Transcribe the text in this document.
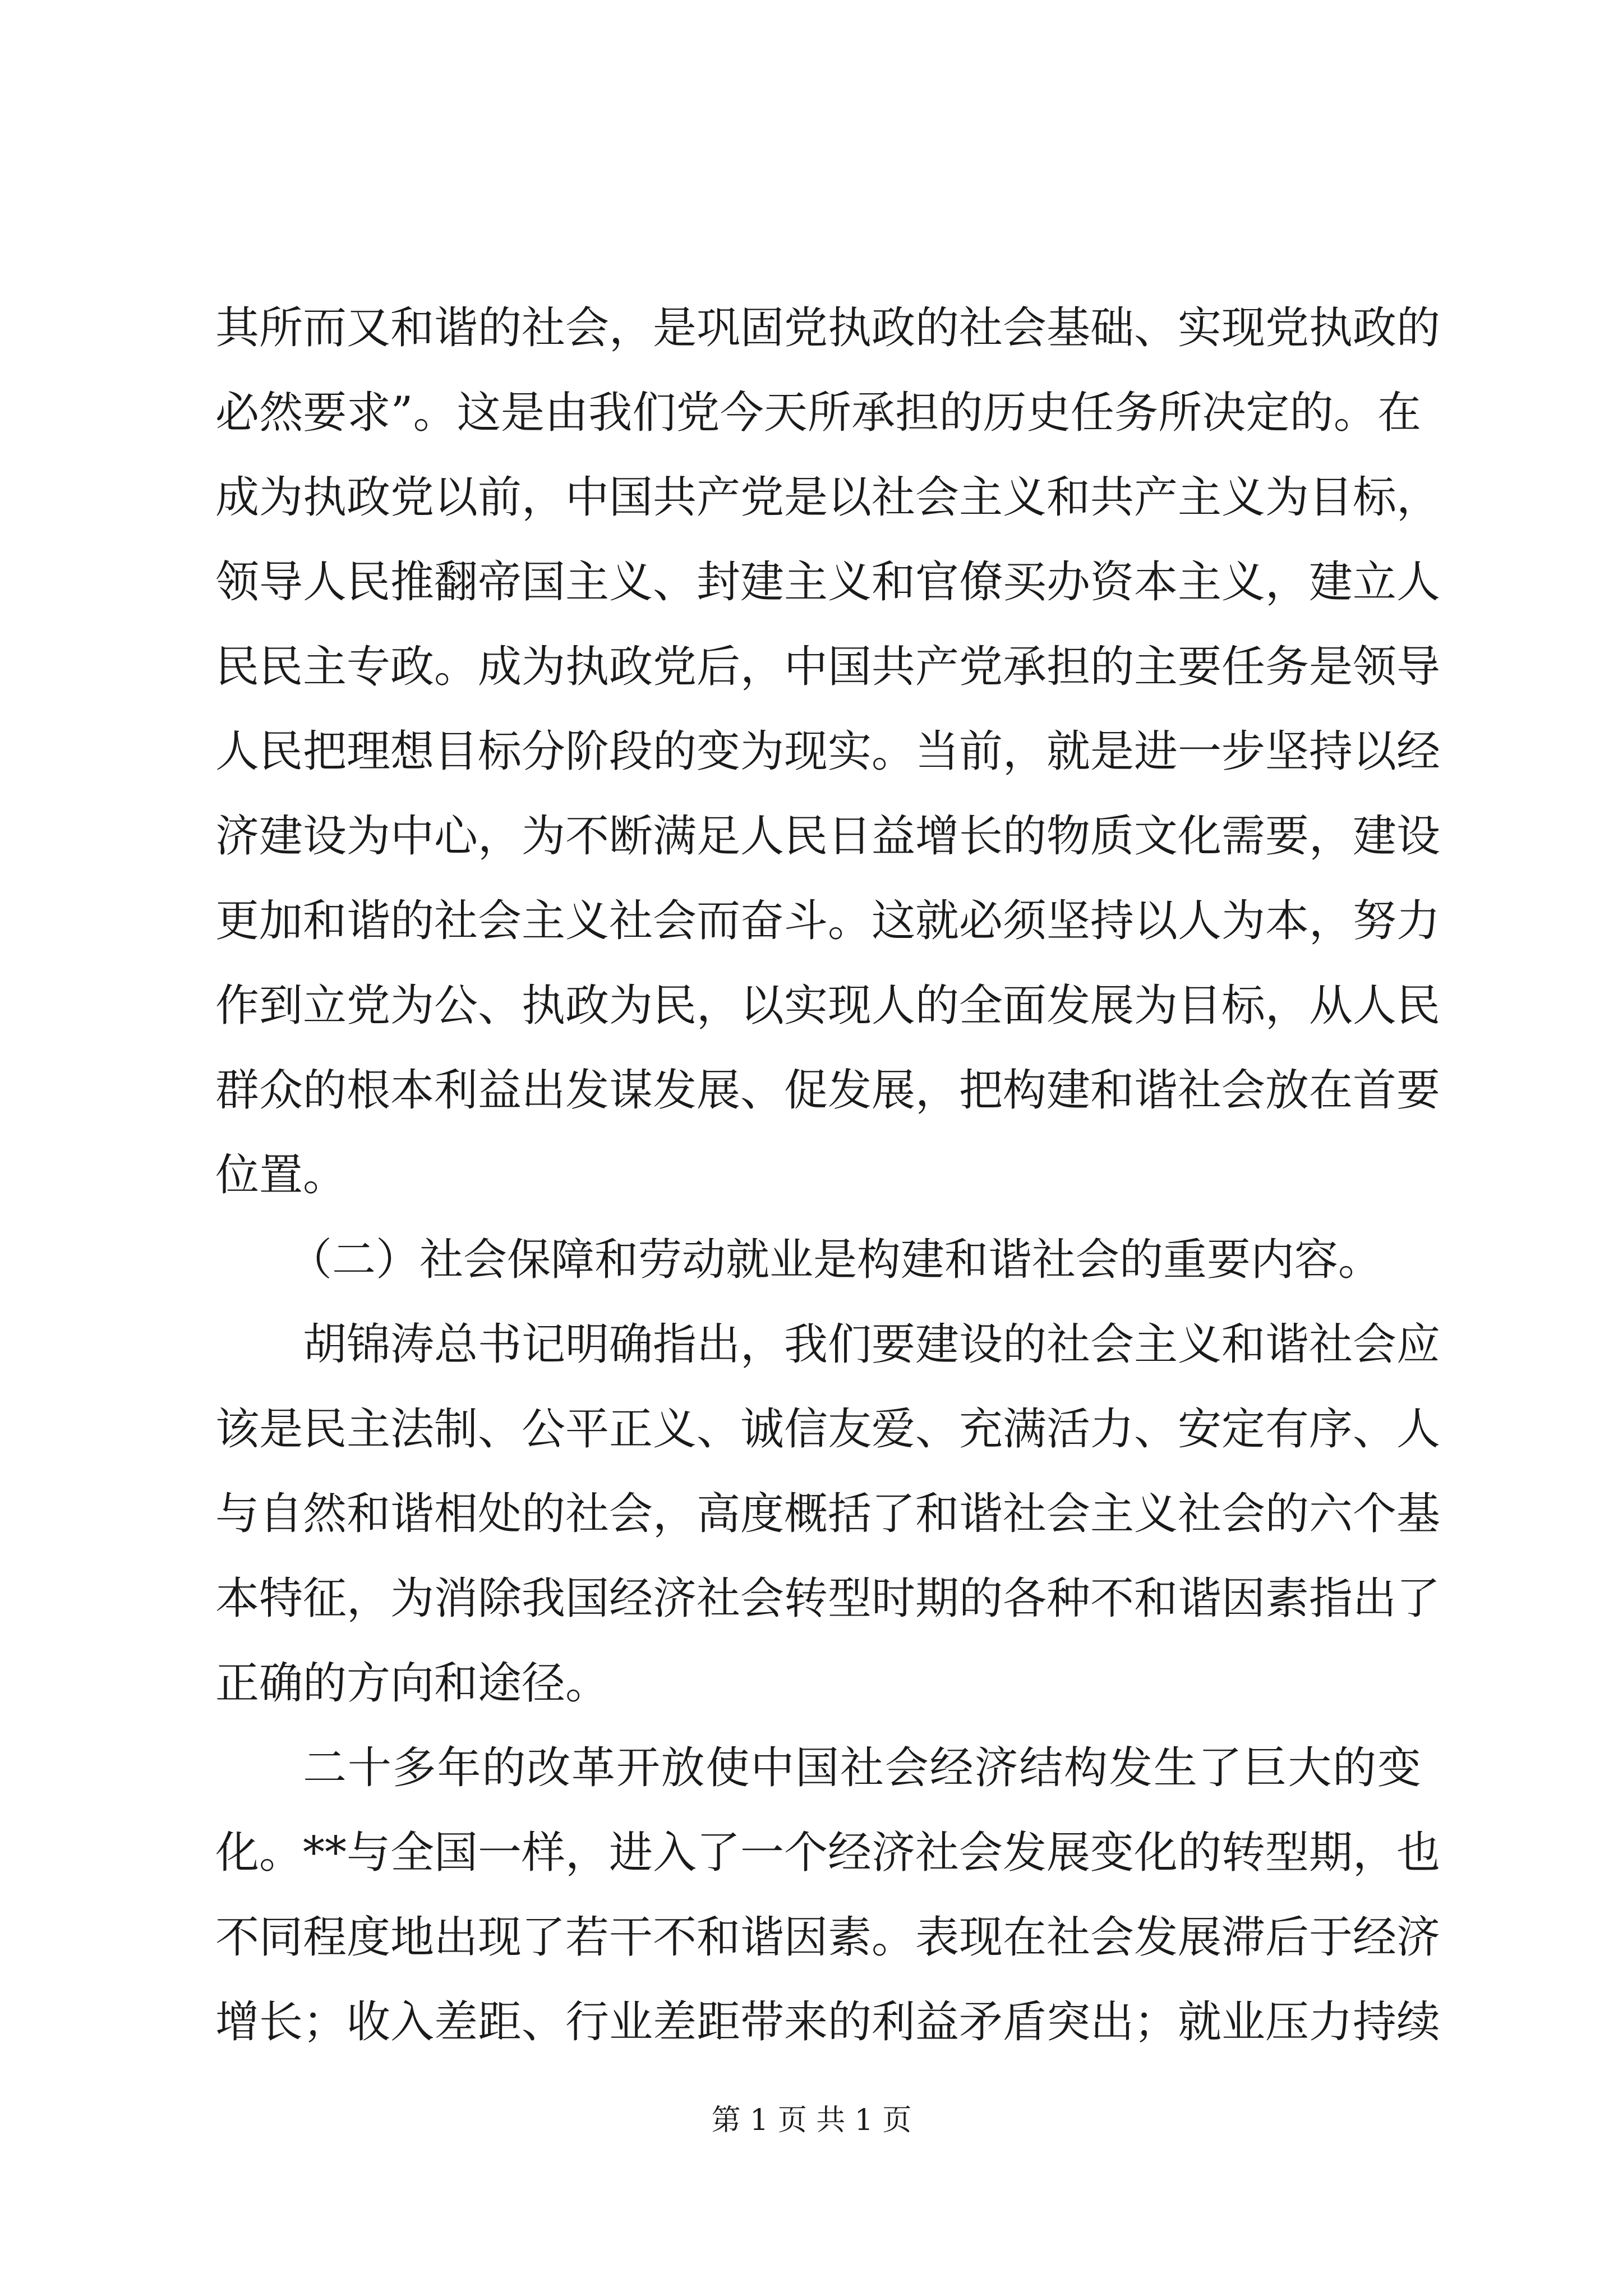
其所而又和谐的社会，是巩固党执政的社会基础、实现党执政的
必然要求”。这是由我们党今天所承担的历史任务所决定的。在
成为执政党以前，中国共产党是以社会主义和共产主义为目标，
领导人民推翻帝国主义、封建主义和官僚买办资本主义，建立人
民民主专政。成为执政党后，中国共产党承担的主要任务是领导
人民把理想目标分阶段的变为现实。当前，就是进一步坚持以经
济建设为中心，为不断满足人民日益增长的物质文化需要，建设
更加和谐的社会主义社会而奋斗。这就必须坚持以人为本，努力
作到立党为公、执政为民，以实现人的全面发展为目标，从人民
群众的根本利益出发谋发展、促发展，把构建和谐社会放在首要
位置。
（二）社会保障和劳动就业是构建和谐社会的重要内容。
胡锦涛总书记明确指出，我们要建设的社会主义和谐社会应
该是民主法制、公平正义、诚信友爱、充满活力、安定有序、人
与自然和谐相处的社会，高度概括了和谐社会主义社会的六个基
本特征，为消除我国经济社会转型时期的各种不和谐因素指出了
正确的方向和途径。
二十多年的改革开放使中国社会经济结构发生了巨大的变
化。**与全国一样，进入了一个经济社会发展变化的转型期，也
不同程度地出现了若干不和谐因素。表现在社会发展滞后于经济
增长；收入差距、行业差距带来的利益矛盾突出；就业压力持续
第 1 页 共 1 页
